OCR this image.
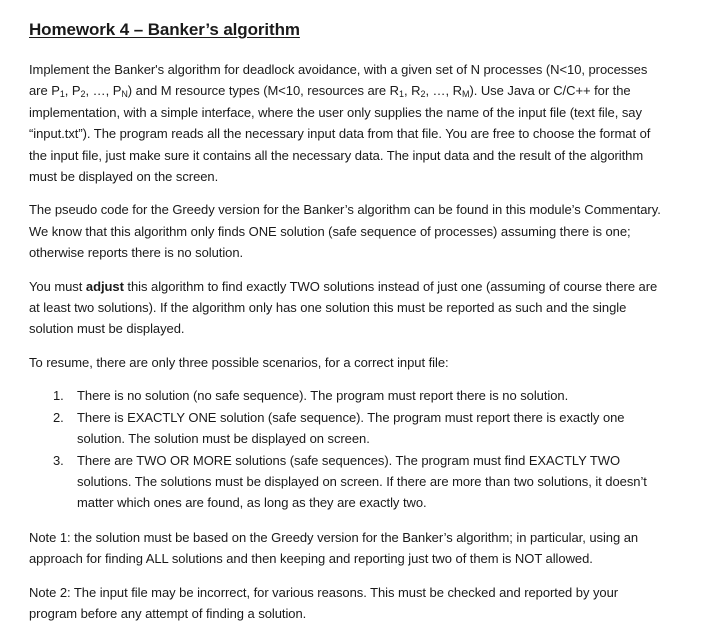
Homework 4 – Banker’s algorithm

Implement the Banker's algorithm for deadlock avoidance, with a given set of N processes (N<10, processes are $P_1$, $P_2$, …, $P_N$) and M resource types (M<10, resources are $R_1$, $R_2$, …, $R_M$). Use Java or C/C++ for the implementation, with a simple interface, where the user only supplies the name of the input file (text file, say “input.txt”). The program reads all the necessary input data from that file. You are free to choose the format of the input file, just make sure it contains all the necessary data. The input data and the result of the algorithm must be displayed on the screen.

The pseudo code for the Greedy version for the Banker’s algorithm can be found in this module’s Commentary. We know that this algorithm only finds ONE solution (safe sequence of processes) assuming there is one; otherwise reports there is no solution.

You must adjust this algorithm to find exactly TWO solutions instead of just one (assuming of course there are at least two solutions). If the algorithm only has one solution this must be reported as such and the single solution must be displayed.

To resume, there are only three possible scenarios, for a correct input file:

1.	There is no solution (no safe sequence). The program must report there is no solution.
2.	There is EXACTLY ONE solution (safe sequence). The program must report there is exactly one solution. The solution must be displayed on screen.
3.	There are TWO OR MORE solutions (safe sequences). The program must find EXACTLY TWO solutions. The solutions must be displayed on screen. If there are more than two solutions, it doesn’t matter which ones are found, as long as they are exactly two.

Note 1: the solution must be based on the Greedy version for the Banker’s algorithm; in particular, using an approach for finding ALL solutions and then keeping and reporting just two of them is NOT allowed.

Note 2: The input file may be incorrect, for various reasons. This must be checked and reported by your program before any attempt of finding a solution.
